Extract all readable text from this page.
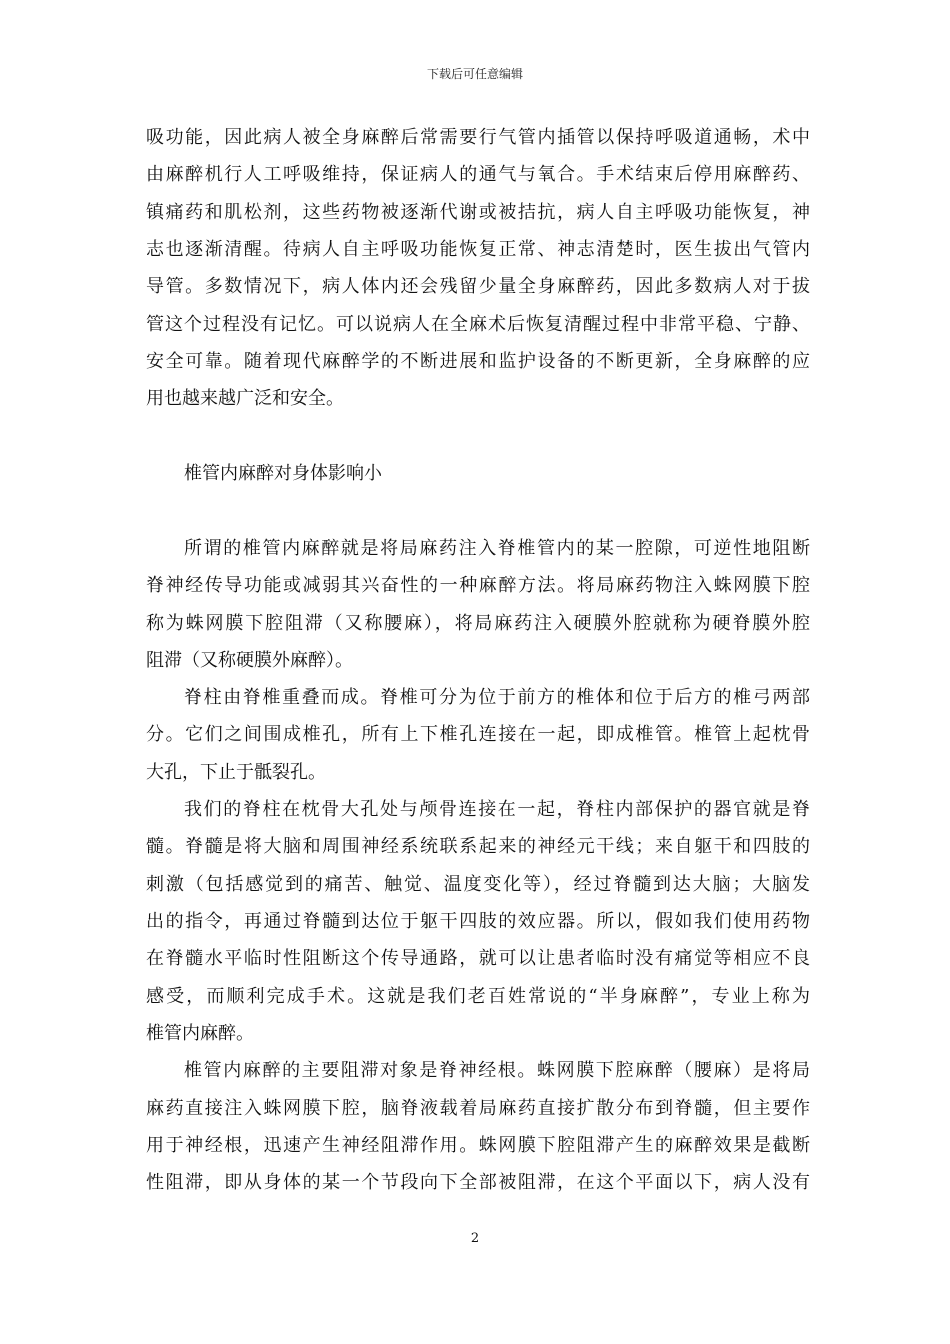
下载后可任意编辑
吸功能，因此病人被全身麻醉后常需要行气管内插管以保持呼吸道通畅，术中
由麻醉机行人工呼吸维持，保证病人的通气与氧合。手术结束后停用麻醉药、
镇痛药和肌松剂，这些药物被逐渐代谢或被拮抗，病人自主呼吸功能恢复，神
志也逐渐清醒。待病人自主呼吸功能恢复正常、神志清楚时，医生拔出气管内
导管。多数情况下，病人体内还会残留少量全身麻醉药，因此多数病人对于拔
管这个过程没有记忆。可以说病人在全麻术后恢复清醒过程中非常平稳、宁静、
安全可靠。随着现代麻醉学的不断进展和监护设备的不断更新，全身麻醉的应
用也越来越广泛和安全。
椎管内麻醉对身体影响小
所谓的椎管内麻醉就是将局麻药注入脊椎管内的某一腔隙，可逆性地阻断
脊神经传导功能或减弱其兴奋性的一种麻醉方法。将局麻药物注入蛛网膜下腔
称为蛛网膜下腔阻滞（又称腰麻），将局麻药注入硬膜外腔就称为硬脊膜外腔
阻滞（又称硬膜外麻醉）。
脊柱由脊椎重叠而成。脊椎可分为位于前方的椎体和位于后方的椎弓两部
分。它们之间围成椎孔，所有上下椎孔连接在一起，即成椎管。椎管上起枕骨
大孔，下止于骶裂孔。
我们的脊柱在枕骨大孔处与颅骨连接在一起，脊柱内部保护的器官就是脊
髓。脊髓是将大脑和周围神经系统联系起来的神经元干线；来自躯干和四肢的
刺激（包括感觉到的痛苦、触觉、温度变化等），经过脊髓到达大脑；大脑发
出的指令，再通过脊髓到达位于躯干四肢的效应器。所以，假如我们使用药物
在脊髓水平临时性阻断这个传导通路，就可以让患者临时没有痛觉等相应不良
感受，而顺利完成手术。这就是我们老百姓常说的“半身麻醉”，专业上称为
椎管内麻醉。
椎管内麻醉的主要阻滞对象是脊神经根。蛛网膜下腔麻醉（腰麻）是将局
麻药直接注入蛛网膜下腔，脑脊液载着局麻药直接扩散分布到脊髓，但主要作
用于神经根，迅速产生神经阻滞作用。蛛网膜下腔阻滞产生的麻醉效果是截断
性阻滞，即从身体的某一个节段向下全部被阻滞，在这个平面以下，病人没有
2
